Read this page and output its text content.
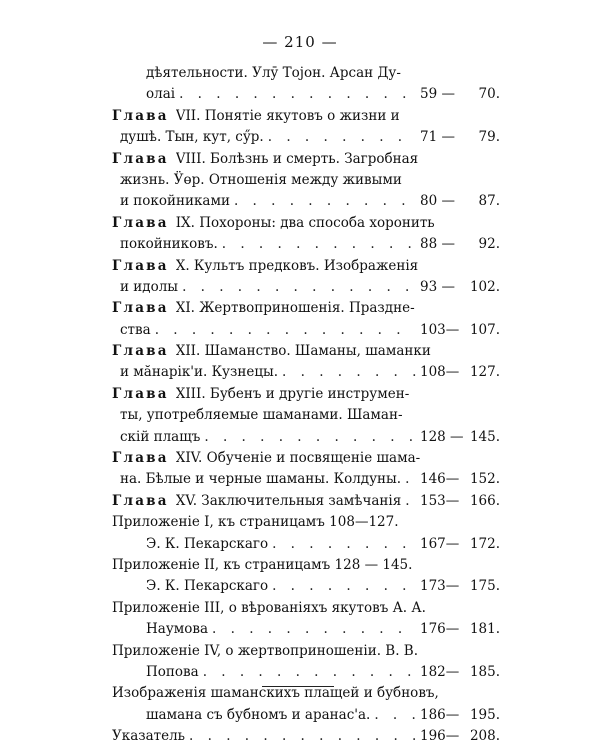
— 210 —
дѣятельности. Улӯ Тојон. Арсан Ду-
олаі . . .	59 — 70.
Глава VII. Понятіе якутовъ о жизни и
душѣ. Тын, кут, сӳр. . . .	71 — 79.
Глава VIII. Болѣзнь и смерть. Загробная
жизнь. Ӱөр. Отношенія между живыми
и покойниками . . .	80 — 87.
Глава IX. Похороны: два способа хоронить
покойниковъ. . . .	88 — 92.
Глава X. Культъ предковъ. Изображенія
и идолы . . .	93 — 102.
Глава XI. Жертвоприношенія. Праздне-
ства . . .	103— 107.
Глава XII. Шаманство. Шаманы, шаманки
и мăнарік'и. Кузнецы. . . .	108— 127.
Глава XIII. Бубенъ и другіе инструмен-
ты, употребляемые шаманами. Шаман-
скій плащъ . . .	128 — 145.
Глава XIV. Обученіе и посвященіе шама-
на. Бѣлые и черные шаманы. Колдуны. . . . 146— 152.
Глава XV. Заключительныя замѣчанія . . . 153— 166.
Приложеніе I, къ страницамъ 108—127.
Э. К. Пекарскаго . . .	167— 172.
Приложеніе II, къ страницамъ 128 — 145.
Э. К. Пекарскаго . . .	173— 175.
Приложеніе III, о вѣрованіяхъ якутовъ А. А.
Наумова . . .	176— 181.
Приложеніе IV, о жертвоприношеніи. В. В.
Попова . . .	182— 185.
Изображенія шаманскихъ плащей и бубновъ,
шамана съ бубномъ и аранас'а. . . .	186— 195.
Указатель . . .	196— 208.
